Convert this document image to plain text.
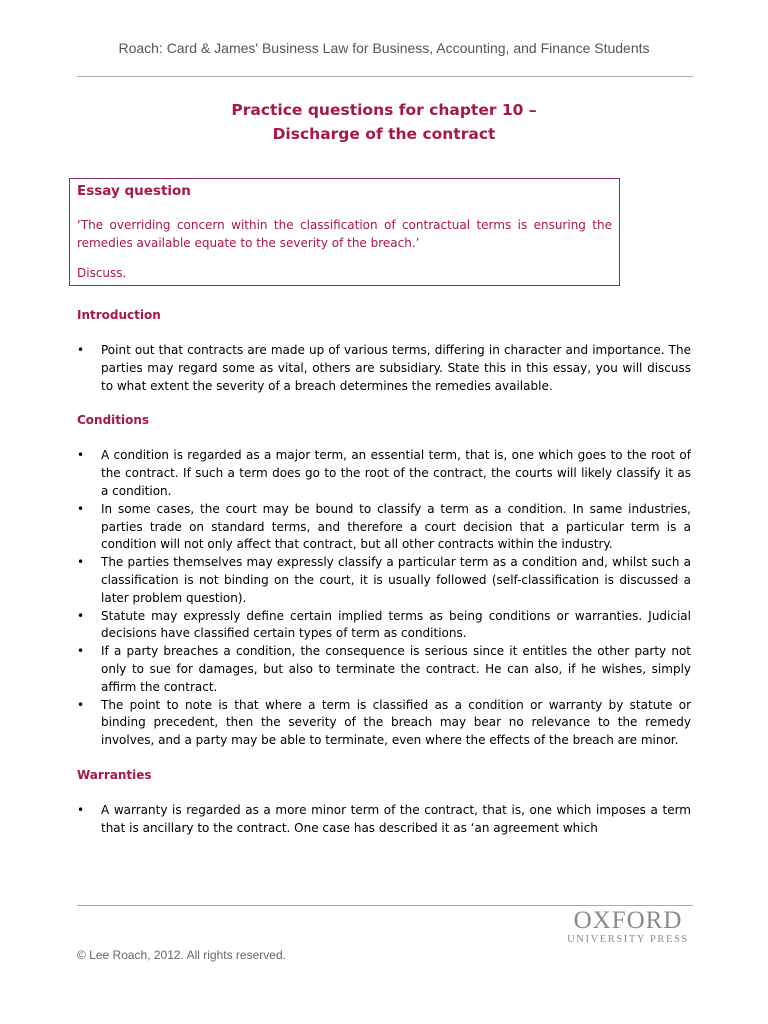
Roach: Card & James' Business Law for Business, Accounting, and Finance Students
Practice questions for chapter 10 –
Discharge of the contract
Essay question
‘The overriding concern within the classification of contractual terms is ensuring the remedies available equate to the severity of the breach.’
Discuss.
Introduction
• Point out that contracts are made up of various terms, differing in character and importance. The parties may regard some as vital, others are subsidiary. State this in this essay, you will discuss to what extent the severity of a breach determines the remedies available.
Conditions
• A condition is regarded as a major term, an essential term, that is, one which goes to the root of the contract. If such a term does go to the root of the contract, the courts will likely classify it as a condition.
• In some cases, the court may be bound to classify a term as a condition. In same industries, parties trade on standard terms, and therefore a court decision that a particular term is a condition will not only affect that contract, but all other contracts within the industry.
• The parties themselves may expressly classify a particular term as a condition and, whilst such a classification is not binding on the court, it is usually followed (self-classification is discussed a later problem question).
• Statute may expressly define certain implied terms as being conditions or warranties. Judicial decisions have classified certain types of term as conditions.
• If a party breaches a condition, the consequence is serious since it entitles the other party not only to sue for damages, but also to terminate the contract. He can also, if he wishes, simply affirm the contract.
• The point to note is that where a term is classified as a condition or warranty by statute or binding precedent, then the severity of the breach may bear no relevance to the remedy involves, and a party may be able to terminate, even where the effects of the breach are minor.
Warranties
• A warranty is regarded as a more minor term of the contract, that is, one which imposes a term that is ancillary to the contract. One case has described it as ‘an agreement which
OXFORD
UNIVERSITY PRESS
© Lee Roach, 2012. All rights reserved.
